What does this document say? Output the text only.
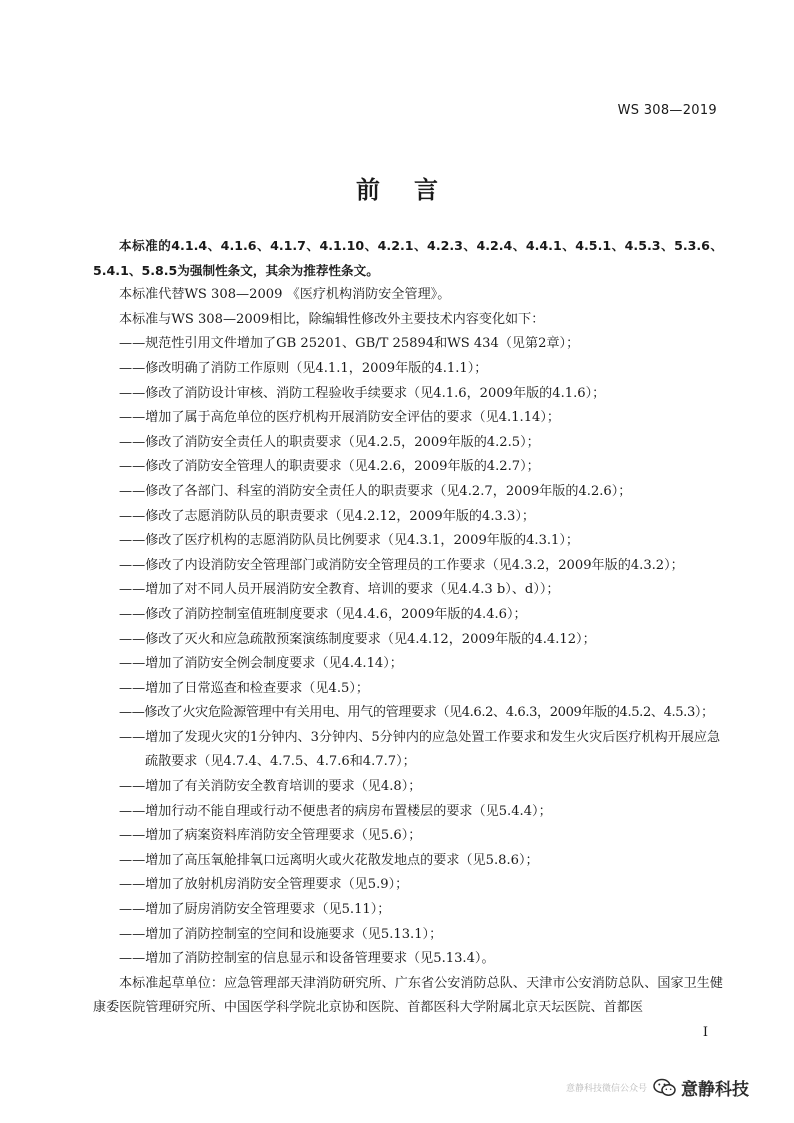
WS 308—2019
前言

本标准的4.1.4、4.1.6、4.1.7、4.1.10、4.2.1、4.2.3、4.2.4、4.4.1、4.5.1、4.5.3、5.3.6、5.4.1、5.8.5为强制性条文，其余为推荐性条文。

本标准代替WS 308—2009 《医疗机构消防安全管理》。

本标准与WS 308—2009相比，除编辑性修改外主要技术内容变化如下：

——规范性引用文件增加了GB 25201、GB/T 25894和WS 434（见第2章）；
——修改明确了消防工作原则（见4.1.1，2009年版的4.1.1）；
——修改了消防设计审核、消防工程验收手续要求（见4.1.6，2009年版的4.1.6）；
——增加了属于高危单位的医疗机构开展消防安全评估的要求（见4.1.14）；
——修改了消防安全责任人的职责要求（见4.2.5，2009年版的4.2.5）；
——修改了消防安全管理人的职责要求（见4.2.6，2009年版的4.2.7）；
——修改了各部门、科室的消防安全责任人的职责要求（见4.2.7，2009年版的4.2.6）；
——修改了志愿消防队员的职责要求（见4.2.12，2009年版的4.3.3）；
——修改了医疗机构的志愿消防队员比例要求（见4.3.1，2009年版的4.3.1）；
——修改了内设消防安全管理部门或消防安全管理员的工作要求（见4.3.2，2009年版的4.3.2）；
——增加了对不同人员开展消防安全教育、培训的要求（见4.4.3 b）、d））；
——修改了消防控制室值班制度要求（见4.4.6，2009年版的4.4.6）；
——修改了灭火和应急疏散预案演练制度要求（见4.4.12，2009年版的4.4.12）；
——增加了消防安全例会制度要求（见4.4.14）；
——增加了日常巡查和检查要求（见4.5）；
——修改了火灾危险源管理中有关用电、用气的管理要求（见4.6.2、4.6.3，2009年版的4.5.2、4.5.3）；
——增加了发现火灾的1分钟内、3分钟内、5分钟内的应急处置工作要求和发生火灾后医疗机构开展应急疏散要求（见4.7.4、4.7.5、4.7.6和4.7.7）；
——增加了有关消防安全教育培训的要求（见4.8）；
——增加行动不能自理或行动不便患者的病房布置楼层的要求（见5.4.4）；
——增加了病案资料库消防安全管理要求（见5.6）；
——增加了高压氧舱排氧口远离明火或火花散发地点的要求（见5.8.6）；
——增加了放射机房消防安全管理要求（见5.9）；
——增加了厨房消防安全管理要求（见5.11）；
——增加了消防控制室的空间和设施要求（见5.13.1）；
——增加了消防控制室的信息显示和设备管理要求（见5.13.4）。

本标准起草单位：应急管理部天津消防研究所、广东省公安消防总队、天津市公安消防总队、国家卫生健康委医院管理研究所、中国医学科学院北京协和医院、首都医科大学附属北京天坛医院、首都医

I
意静科技微信公众号 意静科技
